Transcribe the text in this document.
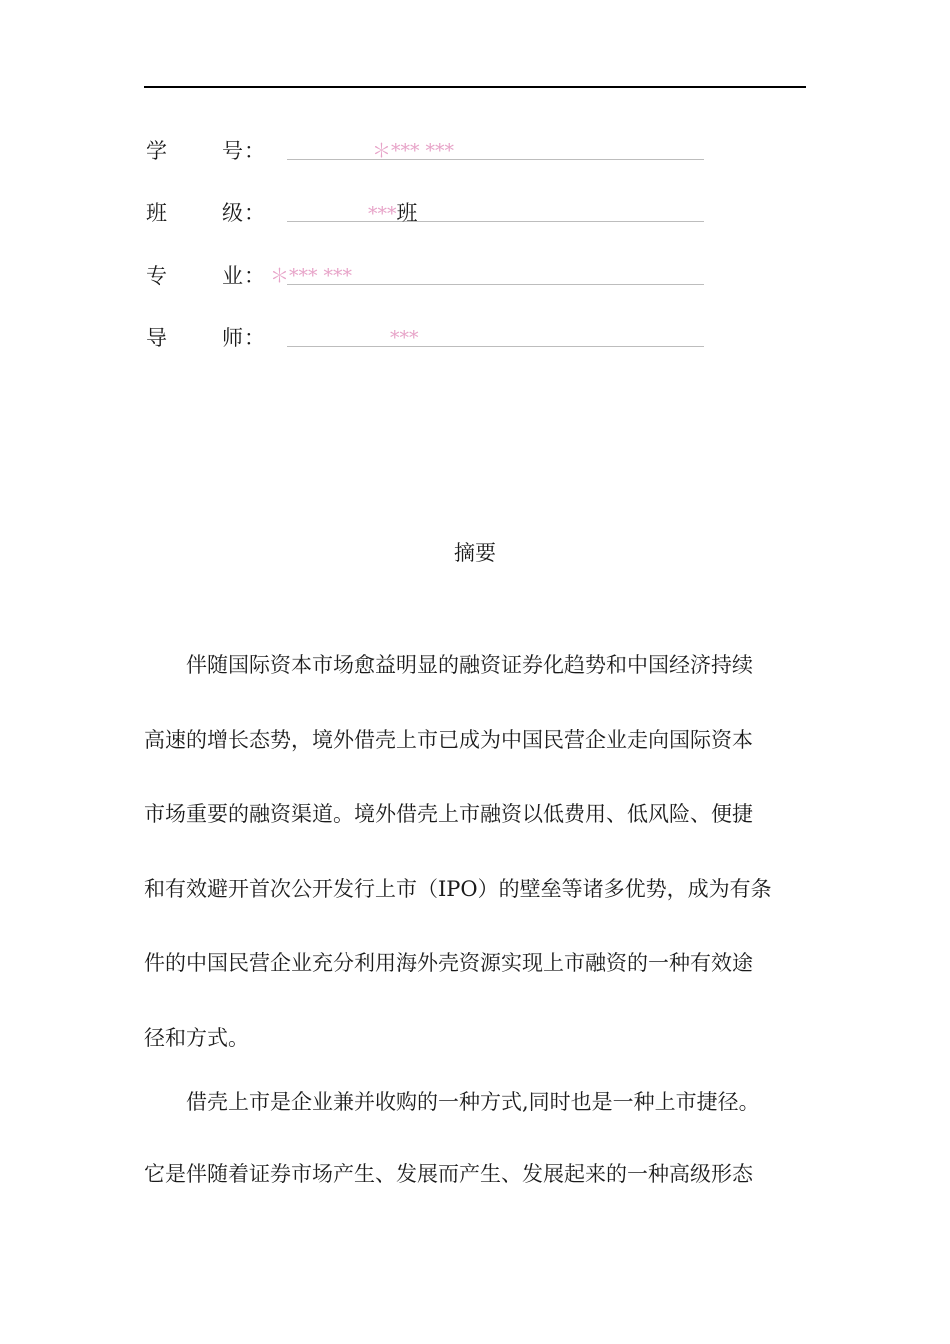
学	号 ：	＊*** ***
班	级 ：	***班
专	业 ： ＊*** ***
导	师 ：	***
摘要
伴随国际资本市场愈益明显的融资证券化趋势和中国经济持续
高速的增长态势，境外借壳上市已成为中国民营企业走向国际资本
市场重要的融资渠道。境外借壳上市融资以低费用、低风险、便捷
和有效避开首次公开发行上市（IPO）的壁垒等诸多优势，成为有条
件的中国民营企业充分利用海外壳资源实现上市融资的一种有效途
径和方式。
借壳上市是企业兼并收购的一种方式,同时也是一种上市捷径。
它是伴随着证券市场产生、发展而产生、发展起来的一种高级形态
